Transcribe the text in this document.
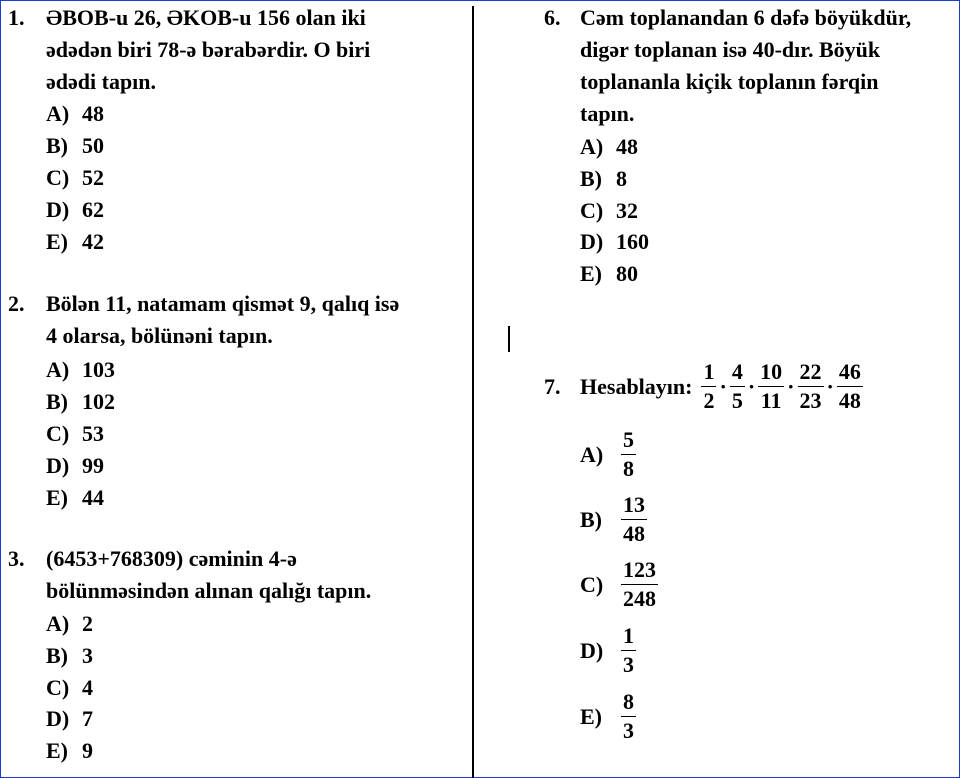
1. ƏBOB-u 26, ƏKOB-u 156 olan iki
ədədən biri 78-ə bərabərdir. O biri
ədədi tapın.
A) 48
B) 50
C) 52
D) 62
E) 42
2. Bölən 11, natamam qismət 9, qalıq isə
4 olarsa, bölünəni tapın.
A) 103
B) 102
C) 53
D) 99
E) 44
3. (6453+768309) cəminin 4-ə
bölünməsindən alınan qalığı tapın.
A) 2
B) 3
C) 4
D) 7
E) 9
6. Cəm toplanandan 6 dəfə böyükdür,
digər toplanan isə 40-dır. Böyük
toplananla kiçik toplanın fərqin
tapın.
A) 48
B) 8
C) 32
D) 160
E) 80
7. Hesablayın: $\frac{1}{2} \cdot \frac{4}{5} \cdot \frac{10}{11} \cdot \frac{22}{23} \cdot \frac{46}{48}$
$A) \frac{5}{8}$
$B) \frac{13}{48}$
$C) \frac{123}{248}$
$D) \frac{1}{3}$
$E) \frac{8}{3}$
